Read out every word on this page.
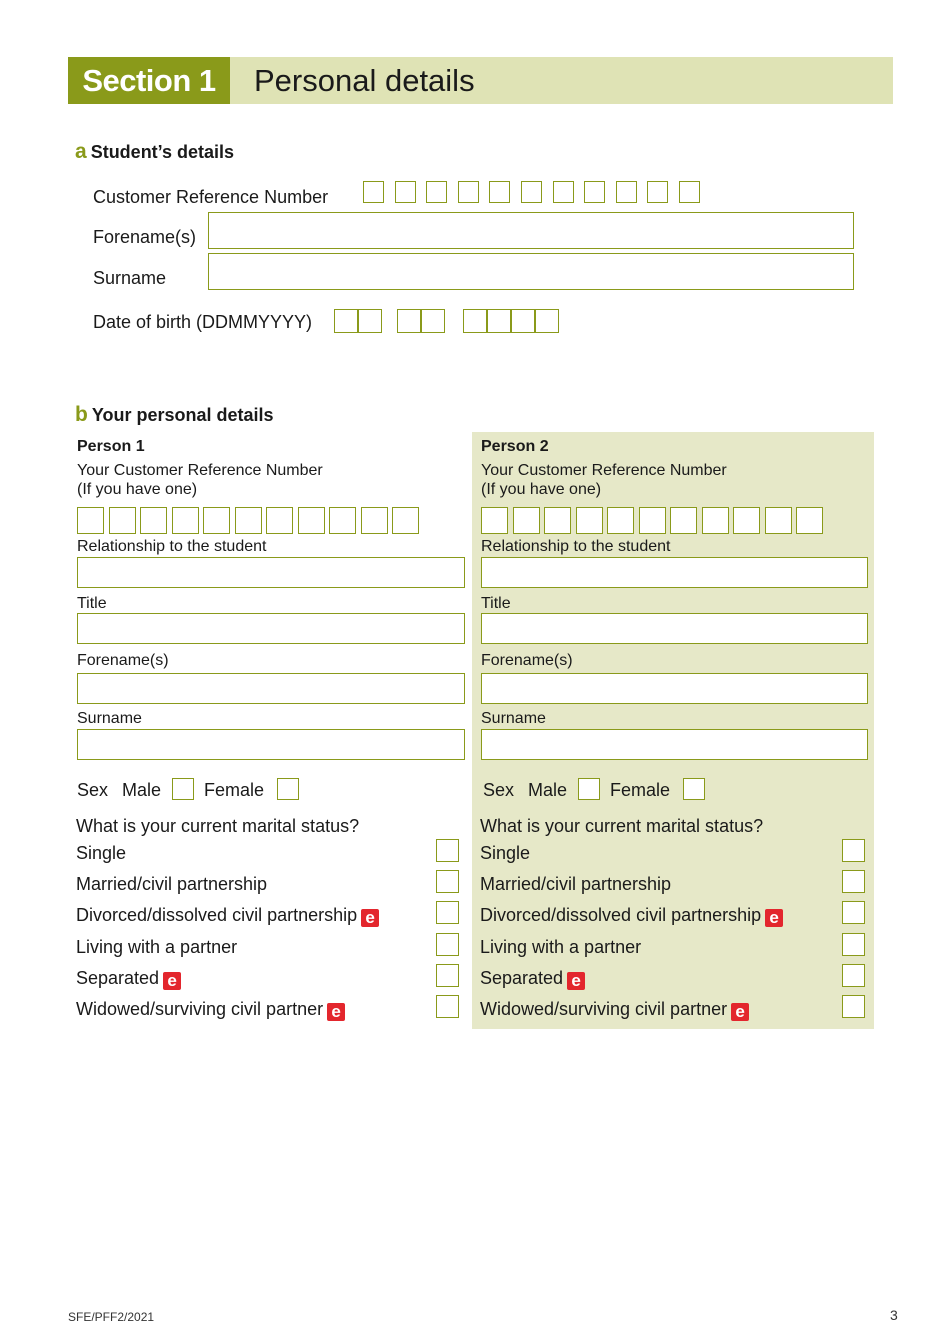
Section 1	Personal details
a Student’s details
Customer Reference Number
Forename(s)
Surname
Date of birth (DDMMYYYY)
b Your personal details
Person 1
Your Customer Reference Number
(If you have one)
Relationship to the student
Title
Forename(s)
Surname
Sex Male Female
What is your current marital status?
Single
Married/civil partnership
Divorced/dissolved civil partnership e
Living with a partner
Separated e
Widowed/surviving civil partner e
Person 2
Your Customer Reference Number
(If you have one)
Relationship to the student
Title
Forename(s)
Surname
Sex Male Female
What is your current marital status?
Single
Married/civil partnership
Divorced/dissolved civil partnership e
Living with a partner
Separated e
Widowed/surviving civil partner e
SFE/PFF2/2021	3
